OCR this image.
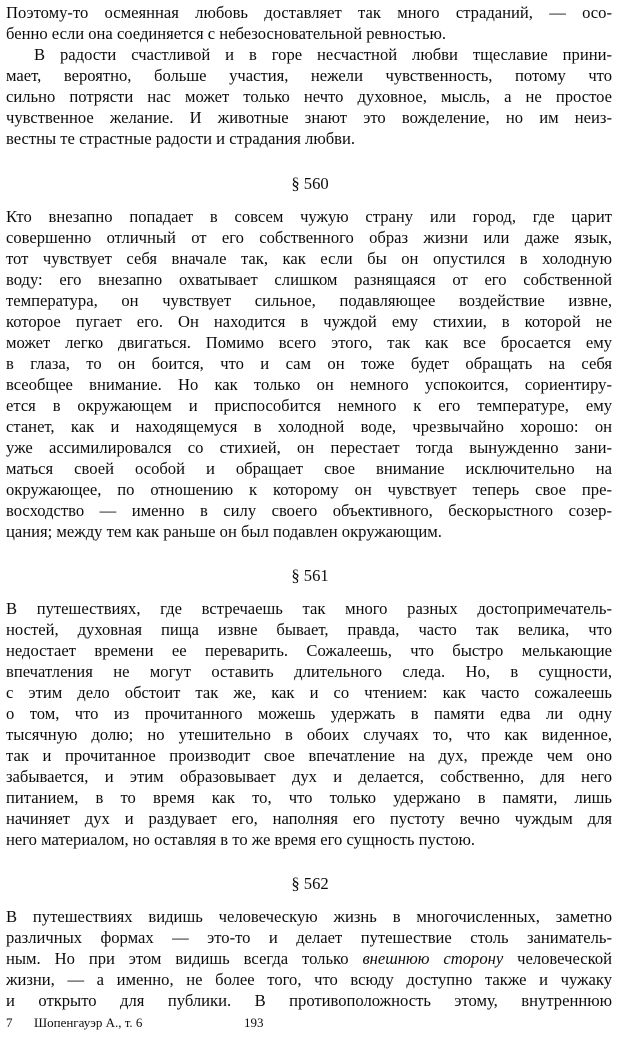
Поэтому-то осмеянная любовь доставляет так много страданий, — осо-
бенно если она соединяется с небезосновательной ревностью.
В радости счастливой и в горе несчастной любви тщеславие прини-
мает, вероятно, больше участия, нежели чувственность, потому что
сильно потрясти нас может только нечто духовное, мысль, а не простое
чувственное желание. И животные знают это вожделение, но им неиз-
вестны те страстные радости и страдания любви.
§ 560
Кто внезапно попадает в совсем чужую страну или город, где царит
совершенно отличный от его собственного образ жизни или даже язык,
тот чувствует себя вначале так, как если бы он опустился в холодную
воду: его внезапно охватывает слишком разнящаяся от его собственной
температура, он чувствует сильное, подавляющее воздействие извне,
которое пугает его. Он находится в чуждой ему стихии, в которой не
может легко двигаться. Помимо всего этого, так как все бросается ему
в глаза, то он боится, что и сам он тоже будет обращать на себя
всеобщее внимание. Но как только он немного успокоится, сориентиру-
ется в окружающем и приспособится немного к его температуре, ему
станет, как и находящемуся в холодной воде, чрезвычайно хорошо: он
уже ассимилировался со стихией, он перестает тогда вынужденно зани-
маться своей особой и обращает свое внимание исключительно на
окружающее, по отношению к которому он чувствует теперь свое пре-
восходство — именно в силу своего объективного, бескорыстного созер-
цания; между тем как раньше он был подавлен окружающим.
§ 561
В путешествиях, где встречаешь так много разных достопримечатель-
ностей, духовная пища извне бывает, правда, часто так велика, что
недостает времени ее переварить. Сожалеешь, что быстро мелькающие
впечатления не могут оставить длительного следа. Но, в сущности,
с этим дело обстоит так же, как и со чтением: как часто сожалеешь
о том, что из прочитанного можешь удержать в памяти едва ли одну
тысячную долю; но утешительно в обоих случаях то, что как виденное,
так и прочитанное производит свое впечатление на дух, прежде чем оно
забывается, и этим образовывает дух и делается, собственно, для него
питанием, в то время как то, что только удержано в памяти, лишь
начиняет дух и раздувает его, наполняя его пустоту вечно чуждым для
него материалом, но оставляя в то же время его сущность пустою.
§ 562
В путешествиях видишь человеческую жизнь в многочисленных, заметно
различных формах — это-то и делает путешествие столь заниматель-
ным. Но при этом видишь всегда только внешнюю сторону человеческой
жизни, — а именно, не более того, что всюду доступно также и чужаку
и открыто для публики. В противоположность этому, внутреннюю
7 Шопенгауэр А., т. 6	193
